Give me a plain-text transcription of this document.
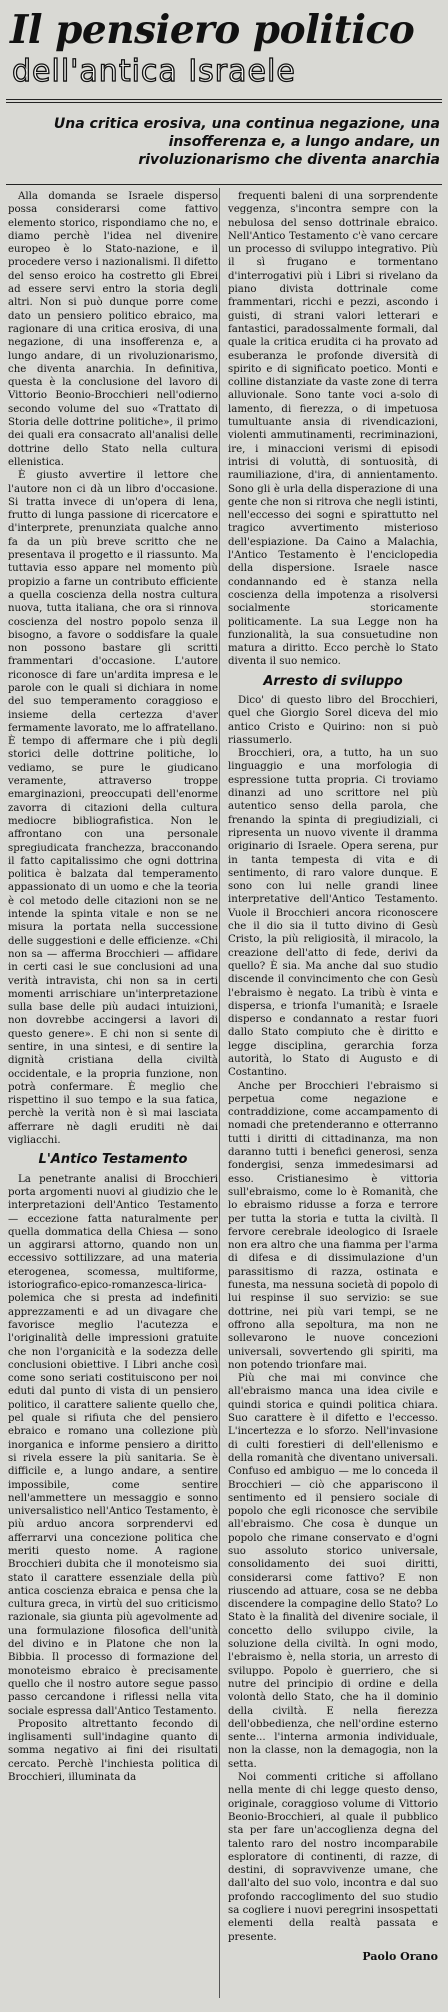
Il pensiero politico
dell'antica Israele
Una critica erosiva, una continua negazione, una insofferenza e, a lungo andare, un rivoluzionarismo che diventa anarchia

Alla domanda se Israele disperso possa considerarsi come fattivo elemento storico, rispondiamo che no, e diamo perchè l'idea nel divenire europeo è lo Stato-nazione, e il procedere verso i nazionalismi. Il difetto del senso eroico ha costretto gli Ebrei ad essere servi entro la storia degli altri. Non si può dunque porre come dato un pensiero politico ebraico, ma ragionare di una critica erosiva, di una negazione, di una insofferenza e, a lungo andare, di un rivoluzionarismo, che diventa anarchia. In definitiva, questa è la conclusione del lavoro di Vittorio Beonio-Brocchieri nell'odierno secondo volume del suo «Trattato di Storia delle dottrine politiche», il primo dei quali era consacrato all'analisi delle dottrine dello Stato nella cultura ellenistica.

È giusto avvertire il lettore che l'autore non ci dà un libro d'occasione. Si tratta invece di un'opera di lena, frutto di lunga passione di ricercatore e d'interprete, prenunziata qualche anno fa da un più breve scritto che ne presentava il progetto e il riassunto. Ma tuttavia esso appare nel momento più propizio a farne un contributo efficiente a quella coscienza della nostra cultura nuova, tutta italiana, che ora si rinnova coscienza del nostro popolo senza il bisogno, a favore o soddisfare la quale non possono bastare gli scritti frammentari d'occasione. L'autore riconosce di fare un'ardita impresa e le parole con le quali si dichiara in nome del suo temperamento coraggioso e insieme della certezza d'aver fermamente lavorato, me lo affratellano. È tempo di affermare che i più degli storici delle dottrine politiche, lo vediamo, se pure le giudicano veramente, attraverso troppe emarginazioni, preoccupati dell'enorme zavorra di citazioni della cultura mediocre bibliografistica. Non le affrontano con una personale spregiudicata franchezza, bracconando il fatto capitalissimo che ogni dottrina politica è balzata dal temperamento appassionato di un uomo e che la teoria è col metodo delle citazioni non se ne intende la spinta vitale e non se ne misura la portata nella successione delle suggestioni e delle efficienze. «Chi non sa — afferma Brocchieri — affidare in certi casi le sue conclusioni ad una verità intravista, chi non sa in certi momenti arrischiare un'interpretazione sulla base delle più audaci intuizioni, non dovrebbe accingersi a lavori di questo genere». E chi non si sente di sentire, in una sintesi, e di sentire la dignità cristiana della civiltà occidentale, e la propria funzione, non potrà confermare. È meglio che rispettino il suo tempo e la sua fatica, perchè la verità non è sì mai lasciata afferrare nè dagli eruditi nè dai vigliacchi.

L'Antico Testamento

La penetrante analisi di Brocchieri porta argomenti nuovi al giudizio che le interpretazioni dell'Antico Testamento — eccezione fatta naturalmente per quella dommatica della Chiesa — sono un aggirarsi attorno, quando non un eccessivo sottilizzare, ad una materia eterogenea, scomessa, multiforme, istoriografico-epico-romanzesca-lirica-polemica che si presta ad indefiniti apprezzamenti e ad un divagare che favorisce meglio l'acutezza e l'originalità delle impressioni gratuite che non l'organicità e la sodezza delle conclusioni obiettive. I Libri anche così come sono seriati costituiscono per noi eduti dal punto di vista di un pensiero politico, il carattere saliente quello che, pel quale si rifiuta che del pensiero ebraico e romano una collezione più inorganica e informe pensiero a diritto si rivela essere la più sanitaria. Se è difficile e, a lungo andare, a sentire impossibile, come sentire nell'ammettere un messaggio e sonno universalistico nell'Antico Testamento, è più arduo ancora sorprendervi ed afferrarvi una concezione politica che meriti questo nome. A ragione Brocchieri dubita che il monoteismo sia stato il carattere essenziale della più antica coscienza ebraica e pensa che la cultura greca, in virtù del suo criticismo razionale, sia giunta più agevolmente ad una formulazione filosofica dell'unità del divino e in Platone che non la Bibbia. Il processo di formazione del monoteismo ebraico è precisamente quello che il nostro autore segue passo passo cercandone i riflessi nella vita sociale espressa dall'Antico Testamento.

Proposito altrettanto fecondo di inglisamenti sull'indagine quanto di somma negativo ai fini dei risultati cercato. Perchè l'inchiesta politica di Brocchieri, illuminata da

frequenti baleni di una sorprendente veggenza, s'incontra sempre con la nebulosa del senso dottrinale ebraico. Nell'Antico Testamento c'è vano cercare un processo di sviluppo integrativo. Più il sì frugano e tormentano d'interrogativi più i Libri si rivelano da piano divista dottrinale come frammentari, ricchi e pezzi, ascondo i guisti, di strani valori letterari e fantastici, paradossalmente formali, dal quale la critica erudita ci ha provato ad esuberanza le profonde diversità di spirito e di significato poetico. Monti e colline distanziate da vaste zone di terra alluvionale. Sono tante voci a-solo di lamento, di fierezza, o di impetuosa tumultuante ansia di rivendicazioni, violenti ammutinamenti, recriminazioni, ire, i minaccioni verismi di episodi intrisi di voluttà, di sontuosità, di raumiliazione, d'ira, di annientamento. Sono gli è urla della disperazione di una gente che non si ritrova che negli istinti, nell'eccesso dei sogni e spirattutto nel tragico avvertimento misterioso dell'espiazione. Da Caino a Malachia, l'Antico Testamento è l'enciclopedia della dispersione. Israele nasce condannando ed è stanza nella coscienza della impotenza a risolversi socialmente storicamente politicamente. La sua Legge non ha funzionalità, la sua consuetudine non matura a diritto. Ecco perchè lo Stato diventa il suo nemico.

Arresto di sviluppo

Dico' di questo libro del Brocchieri, quel che Giorgio Sorel diceva del mio antico Cristo e Quirino: non si può riassumerlo.

Brocchieri, ora, a tutto, ha un suo linguaggio e una morfologia di espressione tutta propria. Ci troviamo dinanzi ad uno scrittore nel più autentico senso della parola, che frenando la spinta di pregiudiziali, ci ripresenta un nuovo vivente il dramma originario di Israele. Opera serena, pur in tanta tempesta di vita e di sentimento, di raro valore dunque. E sono con lui nelle grandi linee interpretative dell'Antico Testamento. Vuole il Brocchieri ancora riconoscere che il dio sia il tutto divino di Gesù Cristo, la più religiosità, il miracolo, la creazione dell'atto di fede, derivi da quello? È sia. Ma anche dal suo studio discende il convincimento che con Gesù l'ebraismo è negato. La tribù è vinta e dispersa, e trionfa l'umanità; e Israele disperso e condannato a restar fuori dallo Stato compiuto che è diritto e legge disciplina, gerarchia forza autorità, lo Stato di Augusto e di Costantino.

Anche per Brocchieri l'ebraismo si perpetua come negazione e contraddizione, come accampamento di nomadi che pretenderanno e otterranno tutti i diritti di cittadinanza, ma non daranno tutti i benefici generosi, senza fondergisi, senza immedesimarsi ad esso. Cristianesimo è vittoria sull'ebraismo, come lo è Romanità, che lo ebraismo ridusse a forza e terrore per tutta la storia e tutta la civiltà. Il fervore cerebrale ideologico di Israele non era altro che una fiamma per l'arma di difesa e di dissimulazione d'un parassitismo di razza, ostinata e funesta, ma nessuna società di popolo di lui respinse il suo servizio: se sue dottrine, nei più vari tempi, se ne offrono alla sepoltura, ma non ne sollevarono le nuove concezioni universali, sovvertendo gli spiriti, ma non potendo trionfare mai.

Più che mai mi convince che all'ebraismo manca una idea civile e quindi storica e quindi politica chiara. Suo carattere è il difetto e l'eccesso. L'incertezza e lo sforzo. Nell'invasione di culti forestieri di dell'ellenismo e della romanità che diventano universali. Confuso ed ambiguo — me lo conceda il Brocchieri — ciò che appariscono il sentimento ed il pensiero sociale di popolo che egli riconosce che servibile all'ebraismo. Che cosa è dunque un popolo che rimane conservato e d'ogni suo assoluto storico universale, consolidamento dei suoi diritti, considerarsi come fattivo? E non riuscendo ad attuare, cosa se ne debba discendere la compagine dello Stato? Lo Stato è la finalità del divenire sociale, il concetto dello sviluppo civile, la soluzione della civiltà. In ogni modo, l'ebraismo è, nella storia, un arresto di sviluppo. Popolo è guerriero, che si nutre del principio di ordine e della volontà dello Stato, che ha il dominio della civiltà. E nella fierezza dell'obbedienza, che nell'ordine esterno sente... l'interna armonia individuale, non la classe, non la demagogia, non la setta.

Noi commenti critiche si affollano nella mente di chi legge questo denso, originale, coraggioso volume di Vittorio Beonio-Brocchieri, al quale il pubblico sta per fare un'accoglienza degna del talento raro del nostro incomparabile esploratore di continenti, di razze, di destini, di sopravvivenze umane, che dall'alto del suo volo, incontra e dal suo profondo raccoglimento del suo studio sa cogliere i nuovi peregrini insospettati elementi della realtà passata e presente.

Paolo Orano
